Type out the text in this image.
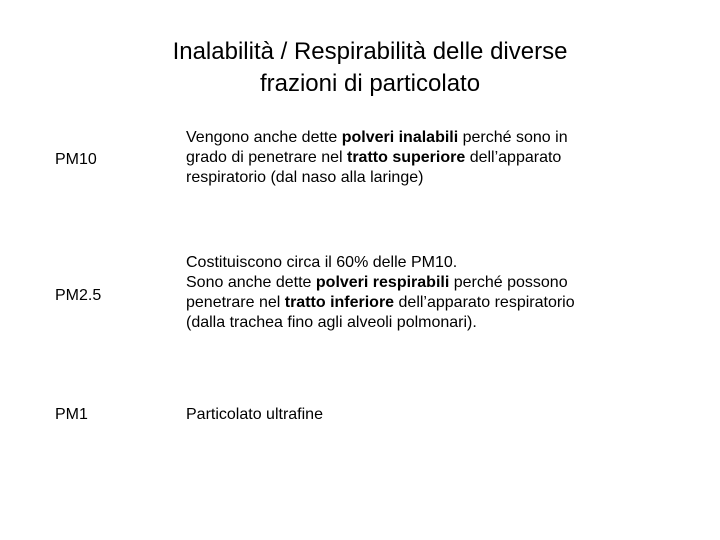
Inalabilità / Respirabilità delle diverse
frazioni di particolato
PM10
Vengono anche dette polveri inalabili perché sono in
grado di penetrare nel tratto superiore dell’apparato
respiratorio (dal naso alla laringe)
PM2.5
Costituiscono circa il 60% delle PM10.
Sono anche dette polveri respirabili perché possono
penetrare nel tratto inferiore dell’apparato respiratorio
(dalla trachea fino agli alveoli polmonari).
PM1	Particolato ultrafine
